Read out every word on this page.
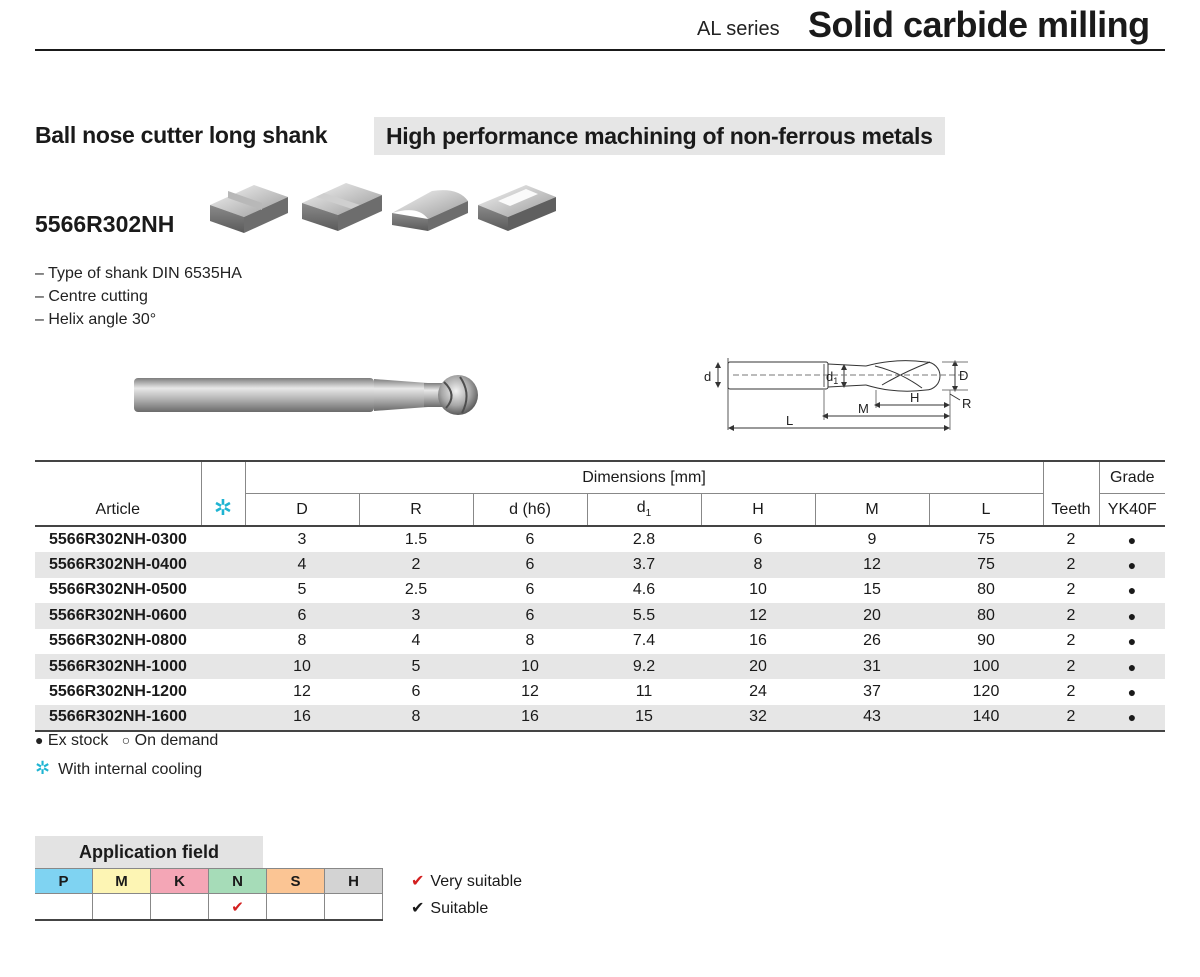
AL series Solid carbide milling
Ball nose cutter long shank	High performance machining of non-ferrous metals
5566R302NH
– Type of shank DIN 6535HA
– Centre cutting
– Helix angle 30°
d	$d_1$	D
H
M	R
L
Article	✲	Dimensions [mm]							Teeth	Grade
		D	R	d (h6)	$d_1$	H	M	L		YK40F
5566R302NH-0300		3	1.5	6	2.8	6	9	75	2	●
5566R302NH-0400		4	2	6	3.7	8	12	75	2	●
5566R302NH-0500		5	2.5	6	4.6	10	15	80	2	●
5566R302NH-0600		6	3	6	5.5	12	20	80	2	●
5566R302NH-0800		8	4	8	7.4	16	26	90	2	●
5566R302NH-1000		10	5	10	9.2	20	31	100	2	●
5566R302NH-1200		12	6	12	11	24	37	120	2	●
5566R302NH-1600		16	8	16	15	32	43	140	2	●
● Ex stock ○ On demand
✲ With internal cooling
Application field
P	M	K	N	S	H
			✔		
✔ Very suitable
✔ Suitable
